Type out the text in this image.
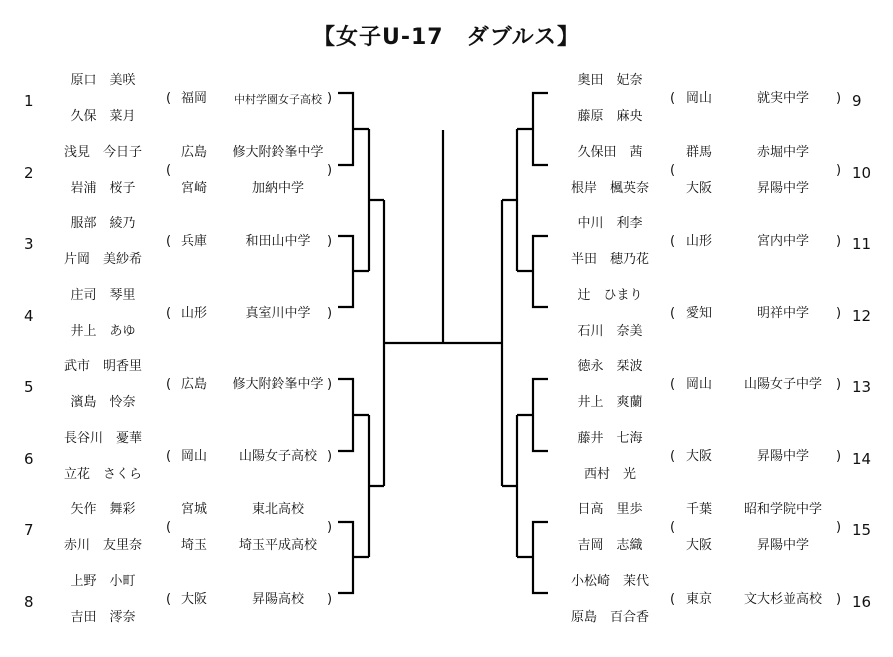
【女子U-17　ダブルス】
1
原口　美咲
久保　菜月
(	)
福岡	中村学園女子高校
2
浅見　今日子
岩浦　桜子
(	)
広島	修大附鈴峯中学
宮崎	加納中学
3
服部　綾乃
片岡　美紗希
(	)
兵庫	和田山中学
4
庄司　琴里
井上　あゆ
(	)
山形	真室川中学
5
武市　明香里
濱島　怜奈
(	)
広島	修大附鈴峯中学
6
長谷川　憂華
立花　さくら
(	)
岡山	山陽女子高校
7
矢作　舞彩
赤川　友里奈
(	)
宮城	東北高校
埼玉	埼玉平成高校
8
上野　小町
吉田　澪奈
(	)
大阪	昇陽高校
9
奥田　妃奈
藤原　麻央
(	)
岡山	就実中学
10
久保田　茜
根岸　楓英奈
(	)
群馬	赤堀中学
大阪	昇陽中学
11
中川　利李
半田　穂乃花
(	)
山形	宮内中学
12
辻　ひまり
石川　奈美
(	)
愛知	明祥中学
13
徳永　栞波
井上　爽蘭
(	)
岡山	山陽女子中学
14
藤井　七海
西村　光
(	)
大阪	昇陽中学
15
日高　里歩
吉岡　志織
(	)
千葉	昭和学院中学
大阪	昇陽中学
16
小松崎　茉代
原島　百合香
(	)
東京	文大杉並高校
